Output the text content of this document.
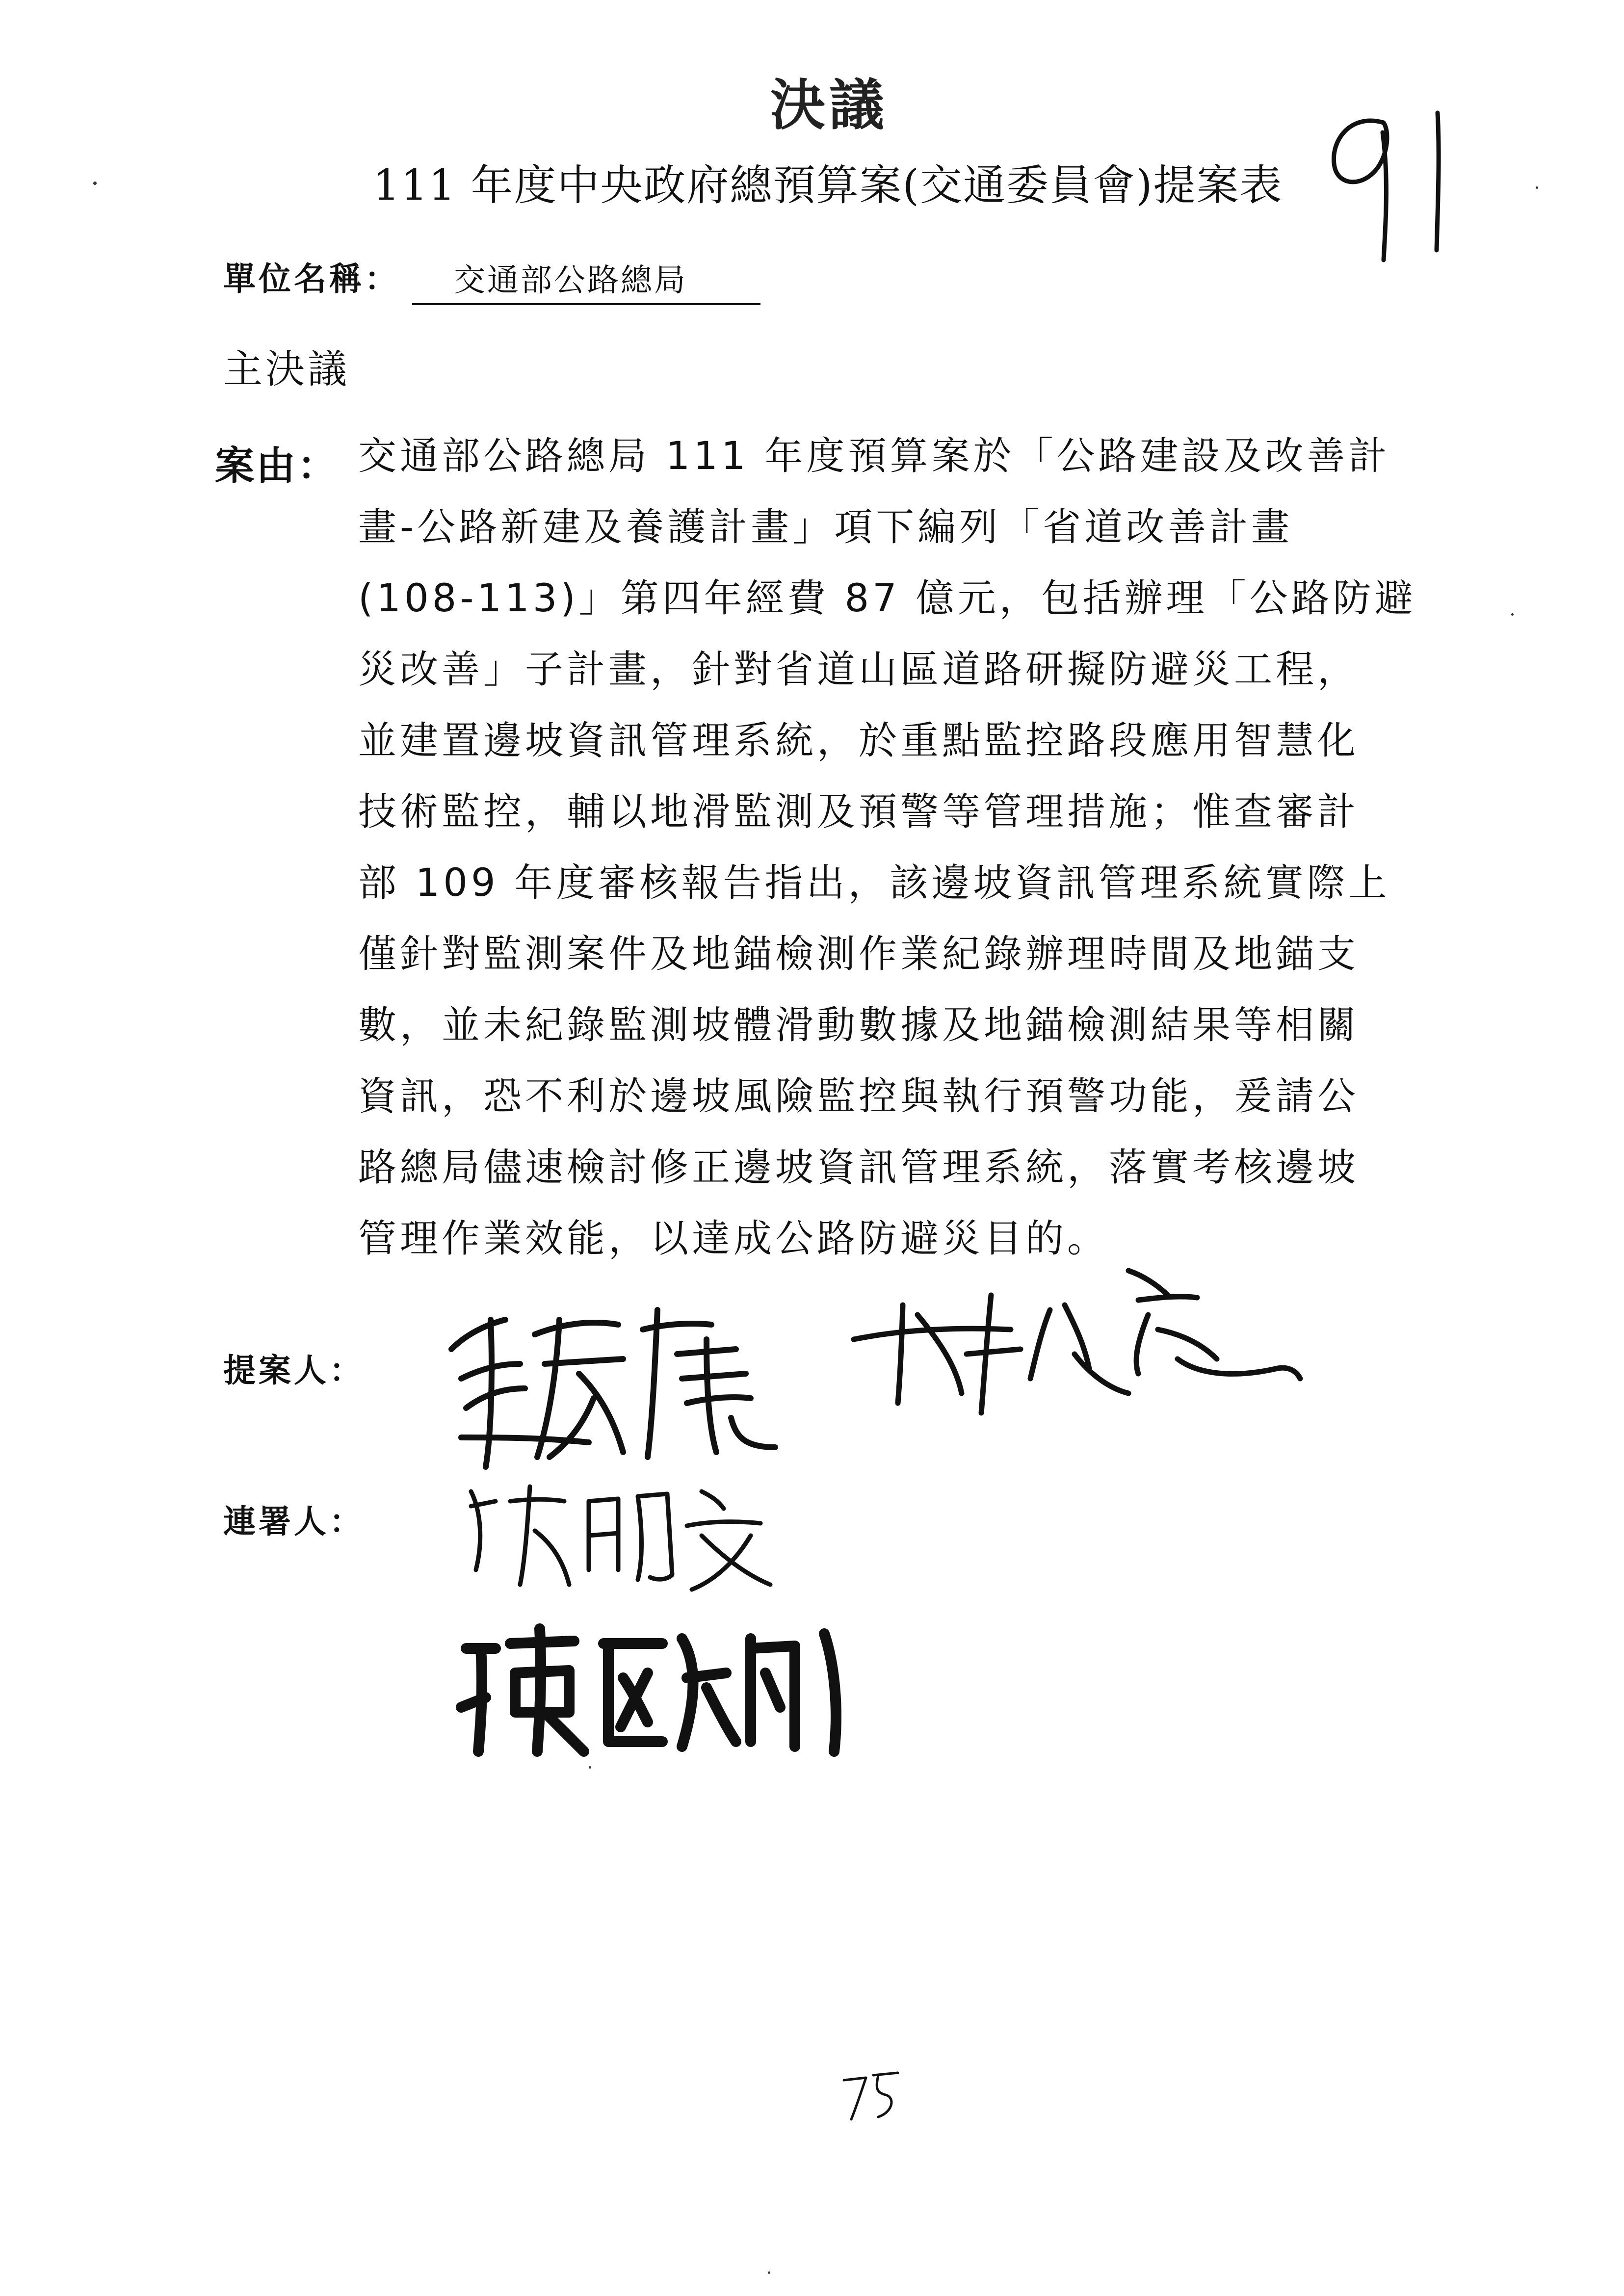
決議
111 年度中央政府總預算案(交通委員會)提案表
單位名稱：	交通部公路總局
主決議
案由： 交通部公路總局 111 年度預算案於「公路建設及改善計
畫-公路新建及養護計畫」項下編列「省道改善計畫
(108-113)」第四年經費 87 億元，包括辦理「公路防避
災改善」子計畫，針對省道山區道路研擬防避災工程，
並建置邊坡資訊管理系統，於重點監控路段應用智慧化
技術監控，輔以地滑監測及預警等管理措施；惟查審計
部 109 年度審核報告指出，該邊坡資訊管理系統實際上
僅針對監測案件及地錨檢測作業紀錄辦理時間及地錨支
數，並未紀錄監測坡體滑動數據及地錨檢測結果等相關
資訊，恐不利於邊坡風險監控與執行預警功能，爰請公
路總局儘速檢討修正邊坡資訊管理系統，落實考核邊坡
管理作業效能，以達成公路防避災目的。
提案人：
連署人：
